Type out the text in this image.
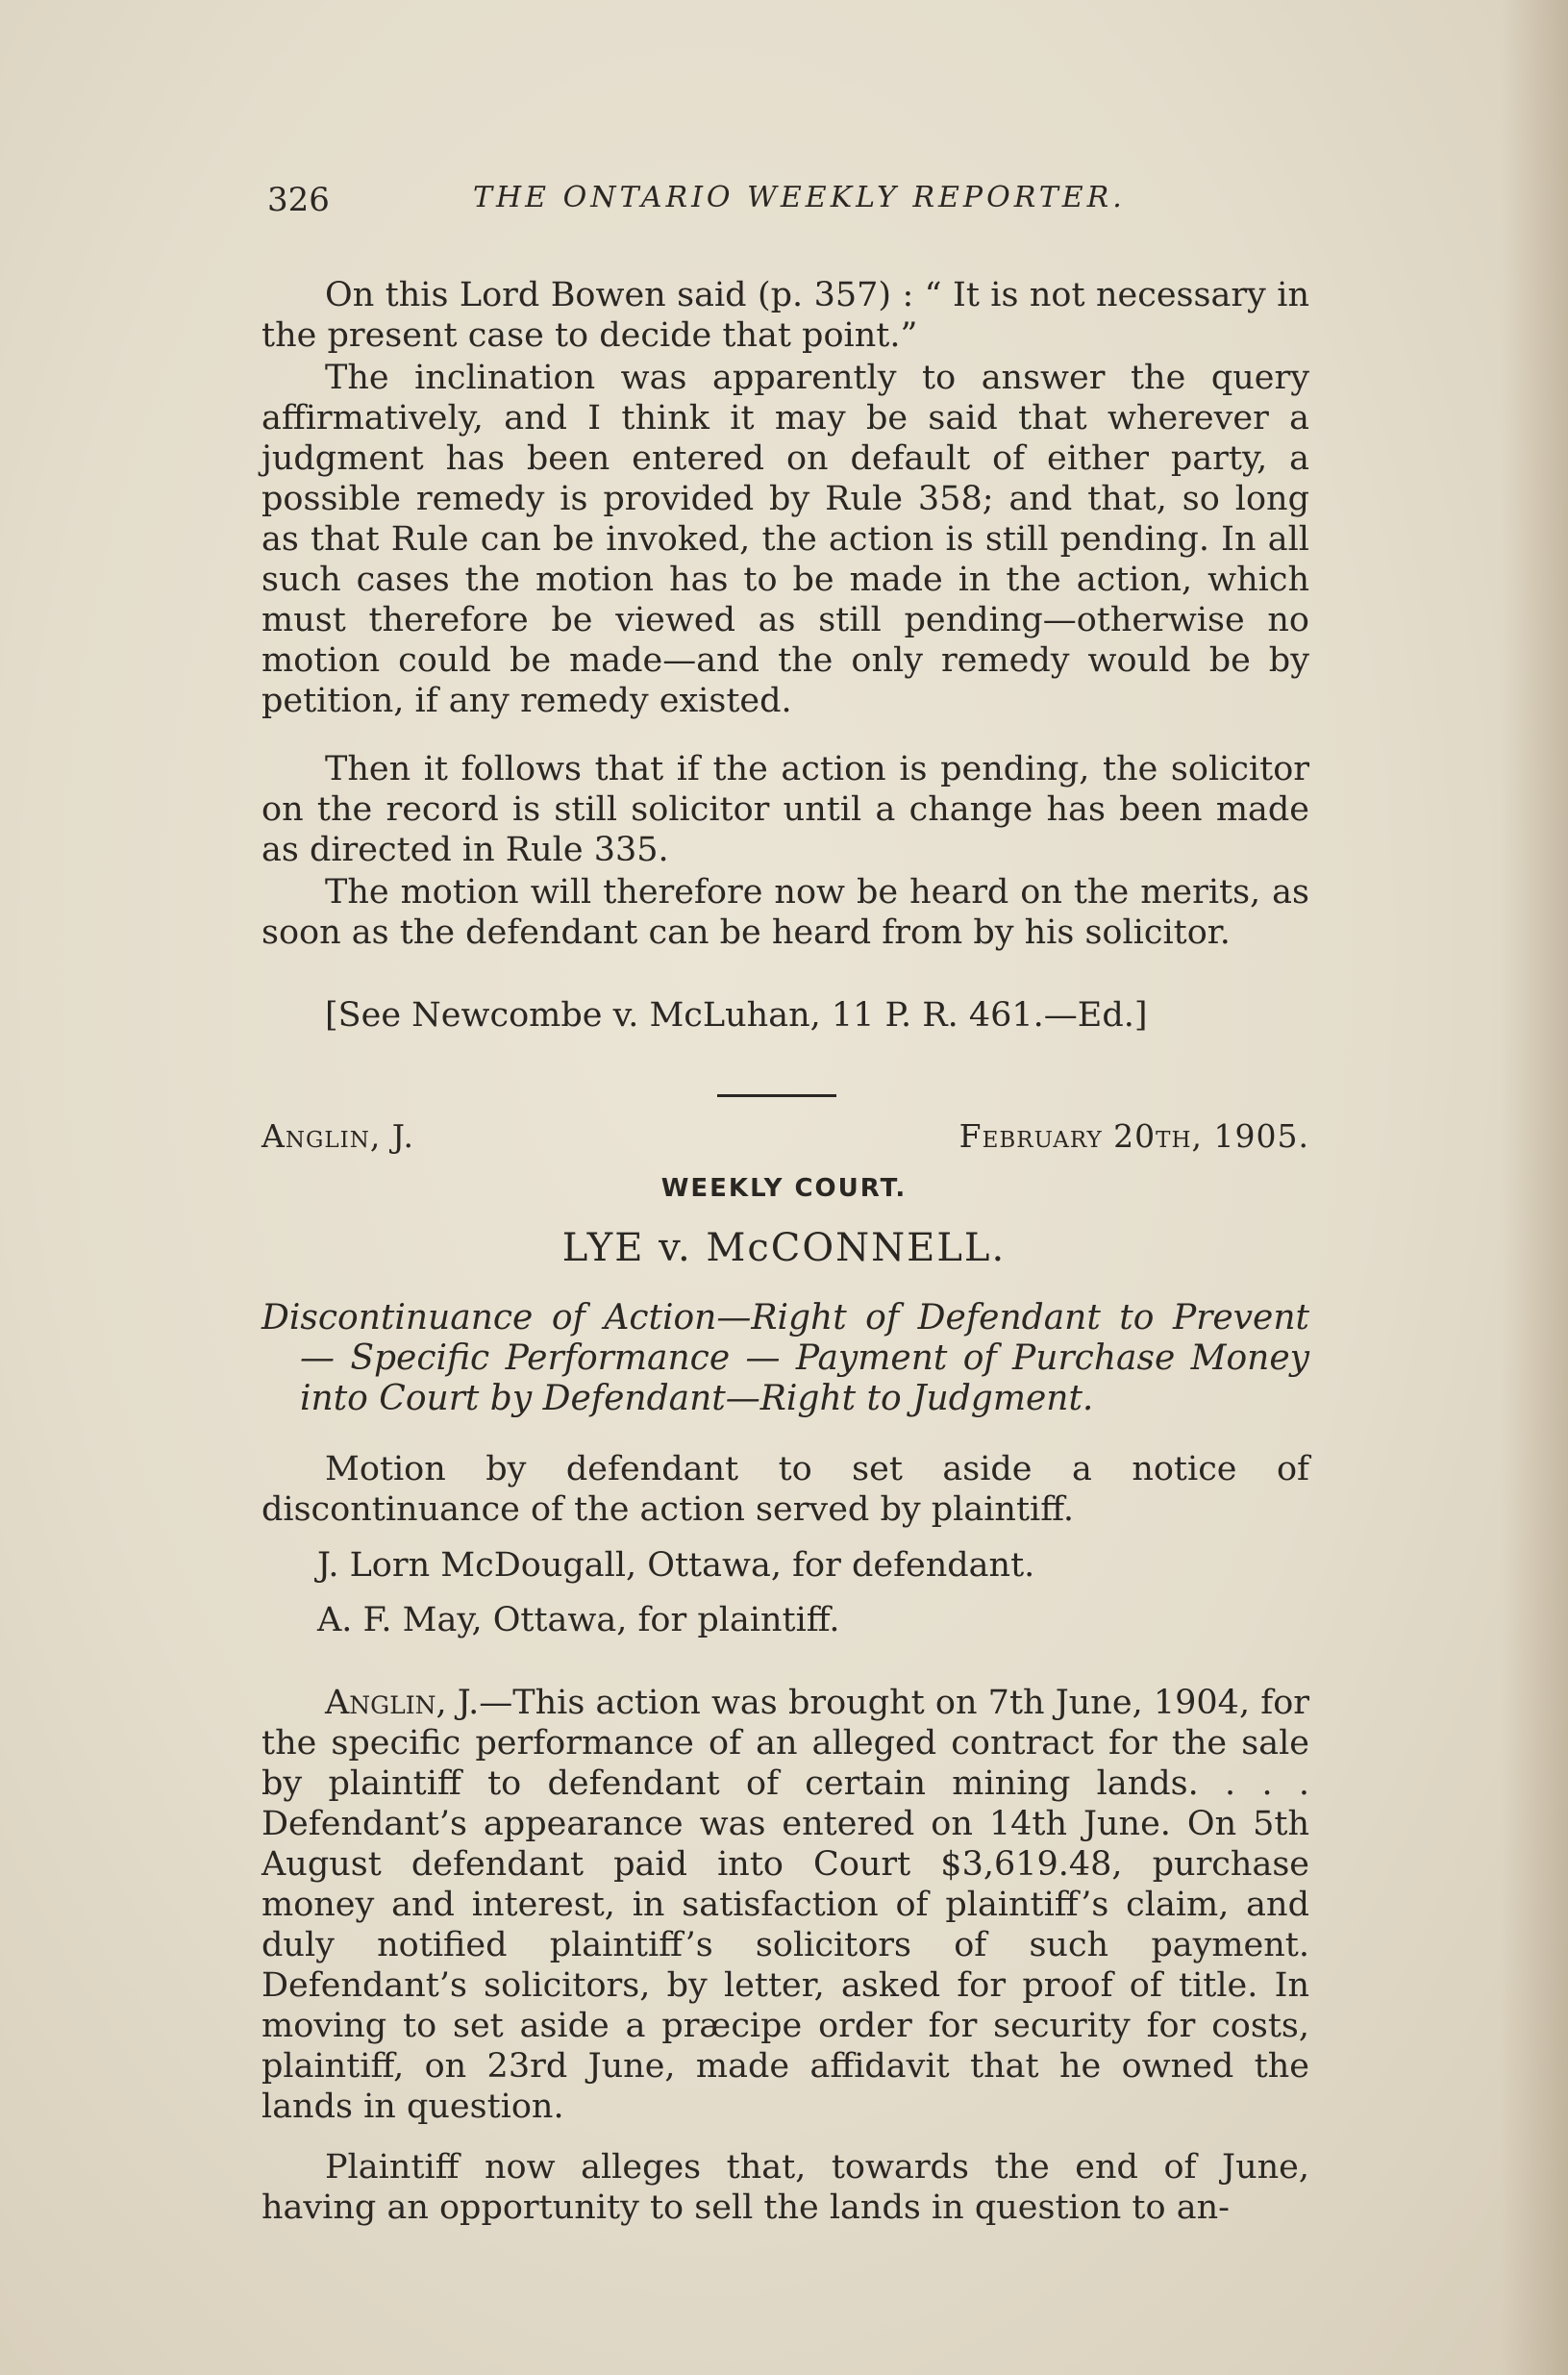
326	THE ONTARIO WEEKLY REPORTER.

On this Lord Bowen said (p. 357) : “ It is not necessary in the present case to decide that point.”

The inclination was apparently to answer the query affirmatively, and I think it may be said that wherever a judgment has been entered on default of either party, a possible remedy is provided by Rule 358; and that, so long as that Rule can be invoked, the action is still pending. In all such cases the motion has to be made in the action, which must therefore be viewed as still pending—otherwise no motion could be made—and the only remedy would be by petition, if any remedy existed.

Then it follows that if the action is pending, the solicitor on the record is still solicitor until a change has been made as directed in Rule 335.

The motion will therefore now be heard on the merits, as soon as the defendant can be heard from by his solicitor.

[See Newcombe v. McLuhan, 11 P. R. 461.—Ed.]
Anglin, J.	February 20th, 1905.
WEEKLY COURT.
LYE v. McCONNELL.
Discontinuance of Action—Right of Defendant to Prevent
— Specific Performance — Payment of Purchase Money
into Court by Defendant—Right to Judgment.

Motion by defendant to set aside a notice of discontinuance of the action served by plaintiff.

J. Lorn McDougall, Ottawa, for defendant.
A. F. May, Ottawa, for plaintiff.

Anglin, J.—This action was brought on 7th June, 1904, for the specific performance of an alleged contract for the sale by plaintiff to defendant of certain mining lands. . . . Defendant’s appearance was entered on 14th June. On 5th August defendant paid into Court $3,619.48, purchase money and interest, in satisfaction of plaintiff’s claim, and duly notified plaintiff’s solicitors of such payment. Defendant’s solicitors, by letter, asked for proof of title. In moving to set aside a præcipe order for security for costs, plaintiff, on 23rd June, made affidavit that he owned the lands in question.

Plaintiff now alleges that, towards the end of June, having an opportunity to sell the lands in question to an-
